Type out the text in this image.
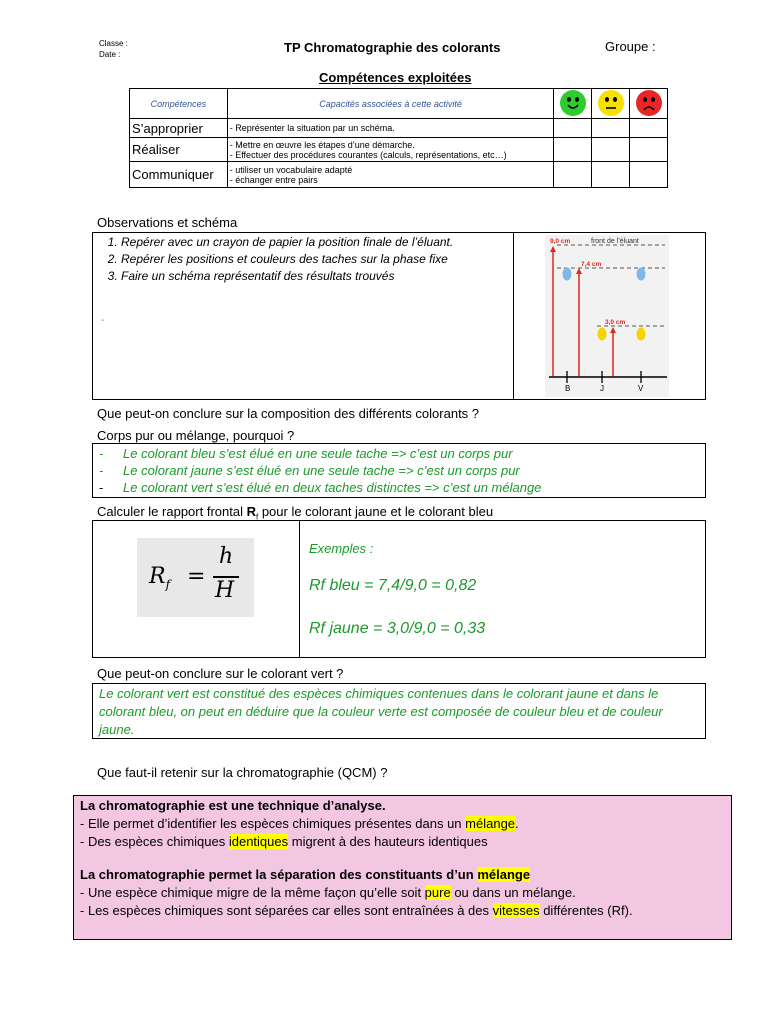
Classe :
Date :	TP Chromatographie des colorants	Groupe :
Compétences exploitées
Compétences	Capacités associées à cette activité	

S’approprier	- Représenter la situation par un schéma.			
Réaliser	- Mettre en œuvre les étapes d’une démarche.
- Effectuer des procédures courantes (calculs, représentations, etc…)			

Communiquer	- utiliser un vocabulaire adapté
- échanger entre pairs			

Observations et schéma
1. Repérer avec un crayon de papier la position finale de l’éluant.
2. Repérer les positions et couleurs des taches sur la phase fixe
3. Faire un schéma représentatif des résultats trouvés
-
front de l’éluant
9,0 cm
7,4 cm
3,0 cm
B	J	V
Que peut-on conclure sur la composition des différents colorants ?
Corps pur ou mélange, pourquoi ?
- Le colorant bleu s’est élué en une seule tache => c’est un corps pur
- Le colorant jaune s’est élué en une seule tache => c’est un corps pur
- Le colorant vert s’est élué en deux taches distinctes => c’est un mélange
Calculer le rapport frontal $R_f$ pour le colorant jaune et le colorant bleu
$R_f$ =
h
H
Exemples :
Rf bleu = 7,4/9,0 = 0,82
Rf jaune = 3,0/9,0 = 0,33
Que peut-on conclure sur le colorant vert ?
Le colorant vert est constitué des espèces chimiques contenues dans le colorant jaune et dans le colorant bleu, on peut en déduire que la couleur verte est composée de couleur bleu et de couleur jaune.
Que faut-il retenir sur la chromatographie (QCM) ?
La chromatographie est une technique d’analyse.
- Elle permet d’identifier les espèces chimiques présentes dans un mélange.
- Des espèces chimiques identiques migrent à des hauteurs identiques
La chromatographie permet la séparation des constituants d’un mélange
- Une espèce chimique migre de la même façon qu’elle soit pure ou dans un mélange.
- Les espèces chimiques sont séparées car elles sont entraînées à des vitesses différentes (Rf).
